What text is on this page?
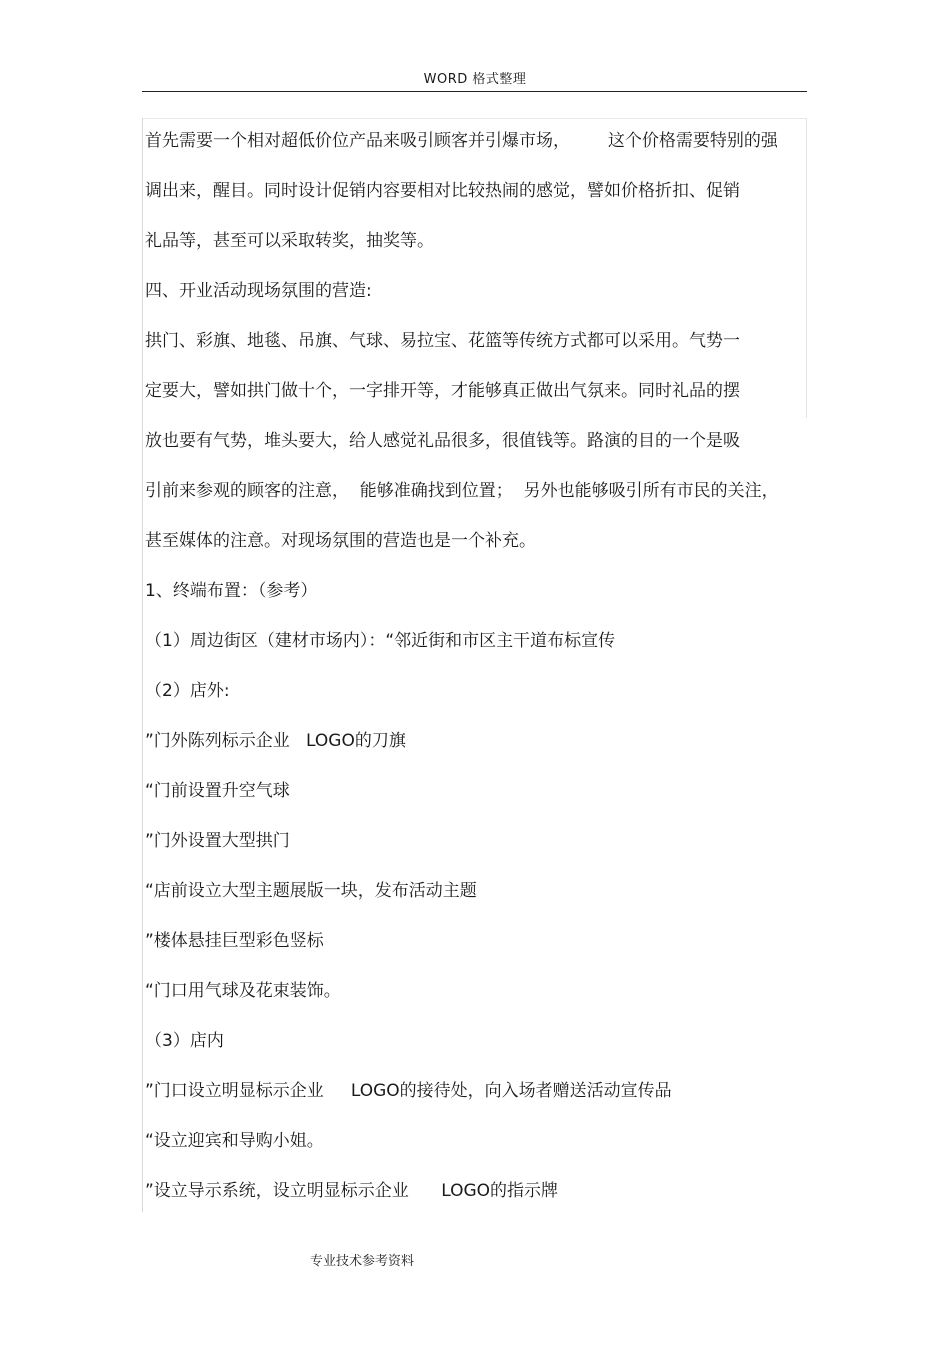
WORD 格式整理
首先需要一个相对超低价位产品来吸引顾客并引爆市场，       这个价格需要特别的强
调出来，醒目。同时设计促销内容要相对比较热闹的感觉，譬如价格折扣、促销
礼品等，甚至可以采取转奖，抽奖等。
四、开业活动现场氛围的营造:
拱门、彩旗、地毯、吊旗、气球、易拉宝、花篮等传统方式都可以采用。气势一
定要大，譬如拱门做十个，一字排开等，才能够真正做出气氛来。同时礼品的摆
放也要有气势，堆头要大，给人感觉礼品很多，很值钱等。路演的目的一个是吸
引前来参观的顾客的注意，  能够准确找到位置；  另外也能够吸引所有市民的关注，
甚至媒体的注意。对现场氛围的营造也是一个补充。
1、终端布置：（参考）
（1）周边街区（建材市场内）：“邻近街和市区主干道布标宣传
（2）店外:
”门外陈列标示企业   LOGO的刀旗
“门前设置升空气球
”门外设置大型拱门
“店前设立大型主题展版一块，发布活动主题
”楼体悬挂巨型彩色竖标
“门口用气球及花束装饰。
（3）店内
”门口设立明显标示企业     LOGO的接待处，向入场者赠送活动宣传品
“设立迎宾和导购小姐。
”设立导示系统，设立明显标示企业      LOGO的指示牌
专业技术参考资料
